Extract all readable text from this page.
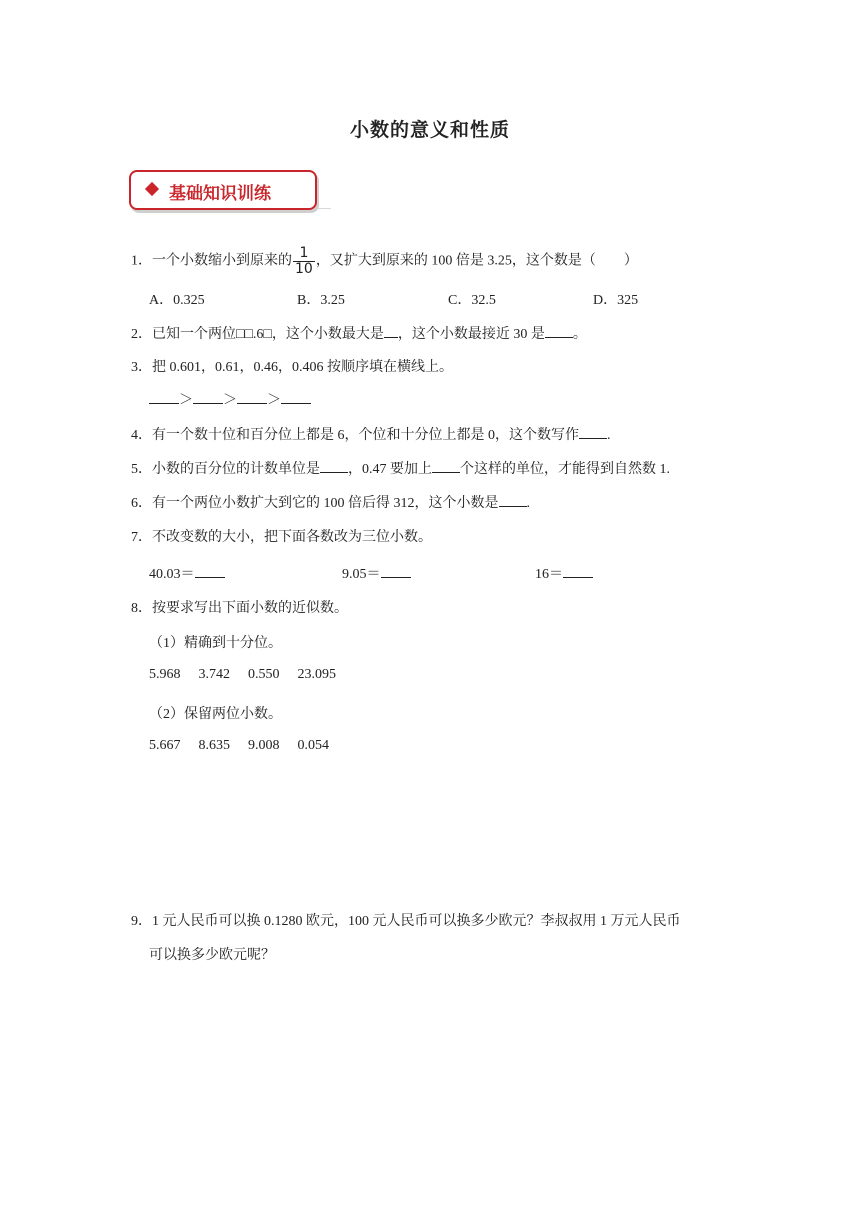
小数的意义和性质
基础知识训练
1．一个小数缩小到原来的 $\frac{1}{10}$ ，又扩大到原来的 100 倍是 3.25，这个数是（　　）
A．0.325	B．3.25	C．32.5	D．325
2．已知一个两位□□.6□，这个小数最大是 ，这个小数最接近 30 是 。
3．把 0.601，0.61，0.46，0.406 按顺序填在横线上。
＞ ＞ ＞
4．有一个数十位和百分位上都是 6，个位和十分位上都是 0，这个数写作 .
5．小数的百分位的计数单位是 ，0.47 要加上 个这样的单位，才能得到自然数 1.
6．有一个两位小数扩大到它的 100 倍后得 312，这个小数是 .
7．不改变数的大小，把下面各数改为三位小数。
40.03＝	9.05＝	16＝
8．按要求写出下面小数的近似数。
（1）精确到十分位。
5.968 3.742 0.550 23.095
（2）保留两位小数。
5.667 8.635 9.008 0.054
9．1 元人民币可以换 0.1280 欧元，100 元人民币可以换多少欧元？李叔叔用 1 万元人民币
可以换多少欧元呢？
